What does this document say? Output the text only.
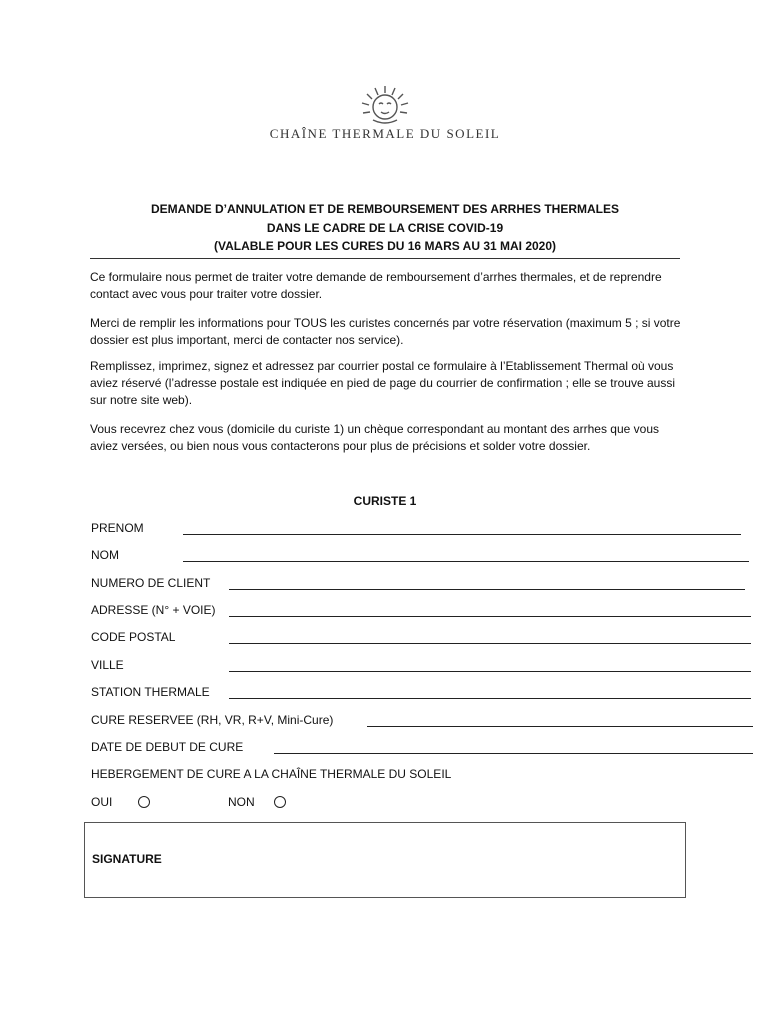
CHAÎNE THERMALE DU SOLEIL
DEMANDE D’ANNULATION ET DE REMBOURSEMENT DES ARRHES THERMALES
DANS LE CADRE DE LA CRISE COVID-19
(VALABLE POUR LES CURES DU 16 MARS AU 31 MAI 2020)

Ce formulaire nous permet de traiter votre demande de remboursement d’arrhes thermales, et de reprendre contact avec vous pour traiter votre dossier.

Merci de remplir les informations pour TOUS les curistes concernés par votre réservation (maximum 5 ; si votre dossier est plus important, merci de contacter nos service).

Remplissez, imprimez, signez et adressez par courrier postal ce formulaire à l’Etablissement Thermal où vous aviez réservé (l’adresse postale est indiquée en pied de page du courrier de confirmation ; elle se trouve aussi sur notre site web).

Vous recevrez chez vous (domicile du curiste 1) un chèque correspondant au montant des arrhes que vous aviez versées, ou bien nous vous contacterons pour plus de précisions et solder votre dossier.

CURISTE 1
PRENOM
NOM
NUMERO DE CLIENT
ADRESSE (N° + VOIE)
CODE POSTAL
VILLE
STATION THERMALE
CURE RESERVEE (RH, VR, R+V, Mini-Cure)
DATE DE DEBUT DE CURE
HEBERGEMENT DE CURE A LA CHAÎNE THERMALE DU SOLEIL
OUI	NON
SIGNATURE
